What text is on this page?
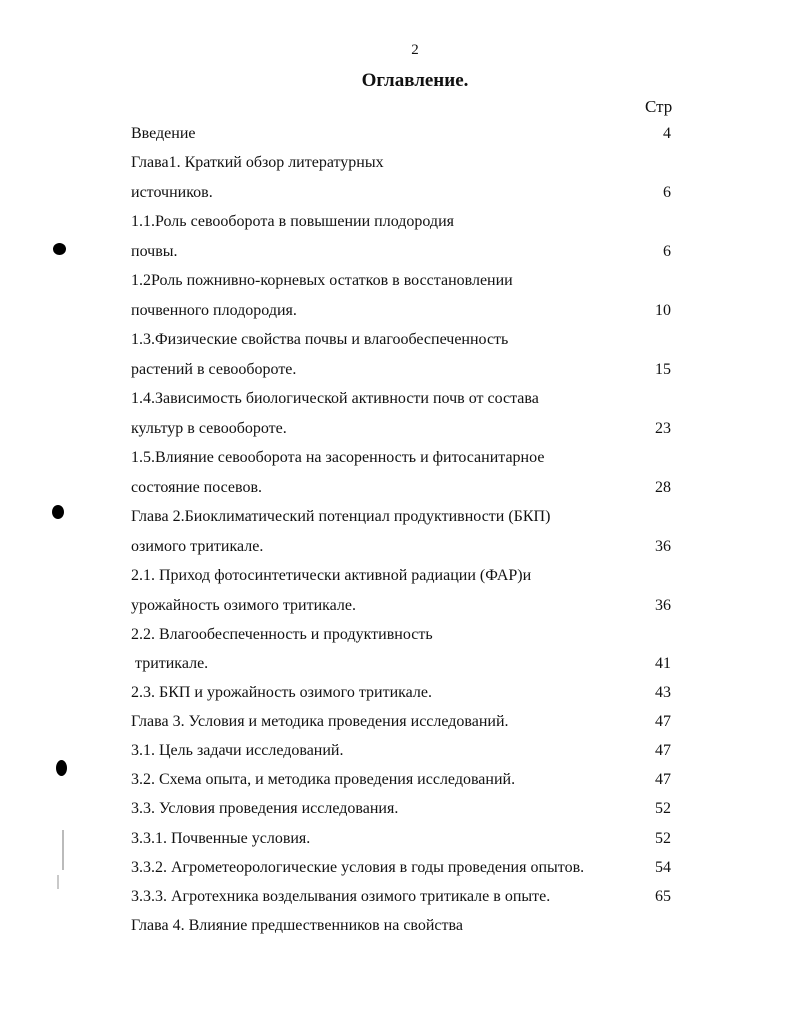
2
Оглавление.
Стр
Введение	4
Глава1. Краткий обзор литературных
источников.	6
1.1.Роль севооборота в повышении плодородия
почвы.	6
1.2Роль пожнивно-корневых остатков в восстановлении
почвенного плодородия.	10
1.3.Физические свойства почвы и влагообеспеченность
растений в севообороте.	15
1.4.Зависимость биологической активности почв от состава
культур в севообороте.	23
1.5.Влияние севооборота на засоренность и фитосанитарное
состояние посевов.	28
Глава 2.Биоклиматический потенциал продуктивности (БКП)
озимого тритикале.	36
2.1. Приход фотосинтетически активной радиации (ФАР)и
урожайность озимого тритикале.	36
2.2. Влагообеспеченность и продуктивность
тритикале.	41
2.3. БКП и урожайность озимого тритикале.	43
Глава 3. Условия и методика проведения исследований.	47
3.1. Цель задачи исследований.	47
3.2. Схема опыта, и методика проведения исследований.	47
3.3. Условия проведения исследования.	52
3.3.1. Почвенные условия.	52
3.3.2. Агрометеорологические условия в годы проведения опытов.	54
3.3.3. Агротехника возделывания озимого тритикале в опыте.	65
Глава 4. Влияние предшественников на свойства
